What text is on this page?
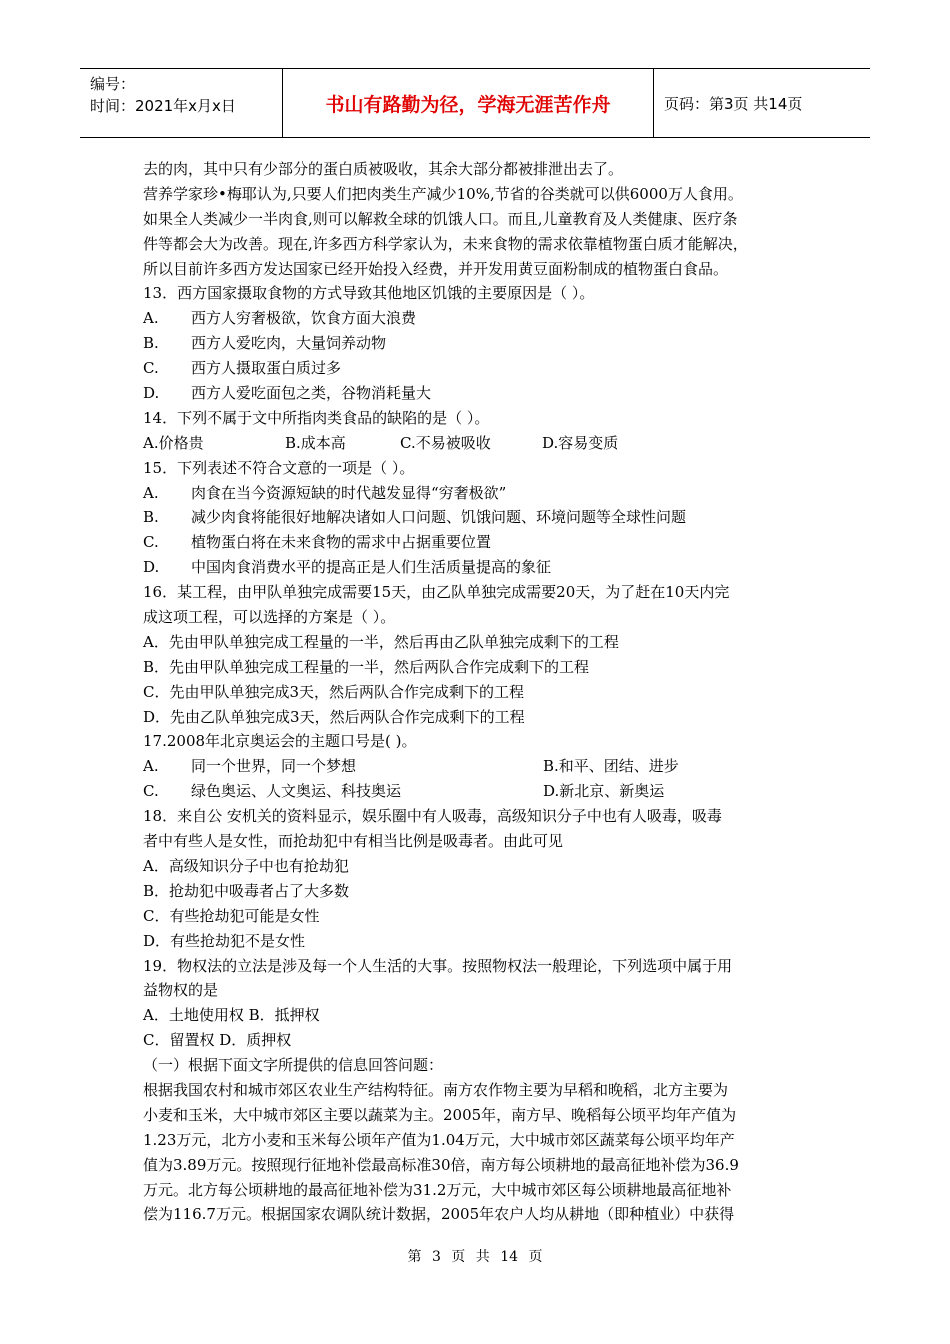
编号：
时间：2021年x月x日	书山有路勤为径，学海无涯苦作舟	页码：第3页 共14页
去的肉，其中只有少部分的蛋白质被吸收，其余大部分都被排泄出去了。
营养学家珍•梅耶认为,只要人们把肉类生产减少10%,节省的谷类就可以供6000万人食用。
如果全人类减少一半肉食,则可以解救全球的饥饿人口。而且,儿童教育及人类健康、医疗条
件等都会大为改善。现在,许多西方科学家认为，未来食物的需求依靠植物蛋白质才能解决，
所以目前许多西方发达国家已经开始投入经费，并开发用黄豆面粉制成的植物蛋白食品。
13．西方国家摄取食物的方式导致其他地区饥饿的主要原因是（ ）。
A.	西方人穷奢极欲，饮食方面大浪费
B.	西方人爱吃肉，大量饲养动物
C.	西方人摄取蛋白质过多
D.	西方人爱吃面包之类，谷物消耗量大
14．下列不属于文中所指肉类食品的缺陷的是（ ）。
A.价格贵	B.成本高	C.不易被吸收	D.容易变质
15．下列表述不符合文意的一项是（ ）。
A.	肉食在当今资源短缺的时代越发显得“穷奢极欲”
B.	减少肉食将能很好地解决诸如人口问题、饥饿问题、环境问题等全球性问题
C.	植物蛋白将在未来食物的需求中占据重要位置
D.	中国肉食消费水平的提高正是人们生活质量提高的象征
16．某工程，由甲队单独完成需要15天，由乙队单独完成需要20天，为了赶在10天内完
成这项工程，可以选择的方案是（ ）。
A．先由甲队单独完成工程量的一半，然后再由乙队单独完成剩下的工程
B．先由甲队单独完成工程量的一半，然后两队合作完成剩下的工程
C．先由甲队单独完成3天，然后两队合作完成剩下的工程
D．先由乙队单独完成3天，然后两队合作完成剩下的工程
17.2008年北京奥运会的主题口号是( )。
A.	同一个世界，同一个梦想	B.和平、团结、进步
C.	绿色奥运、人文奥运、科技奥运	D.新北京、新奥运
18．来自公 安机关的资料显示，娱乐圈中有人吸毒，高级知识分子中也有人吸毒，吸毒
者中有些人是女性，而抢劫犯中有相当比例是吸毒者。由此可见
A．高级知识分子中也有抢劫犯
B．抢劫犯中吸毒者占了大多数
C．有些抢劫犯可能是女性
D．有些抢劫犯不是女性
19．物权法的立法是涉及每一个人生活的大事。按照物权法一般理论，下列选项中属于用
益物权的是
A．土地使用权 B．抵押权
C．留置权 D．质押权
（一）根据下面文字所提供的信息回答问题：
根据我国农村和城市郊区农业生产结构特征。南方农作物主要为早稻和晚稻，北方主要为
小麦和玉米，大中城市郊区主要以蔬菜为主。2005年，南方早、晚稻每公顷平均年产值为
1.23万元，北方小麦和玉米每公顷年产值为1.04万元，大中城市郊区蔬菜每公顷平均年产
值为3.89万元。按照现行征地补偿最高标准30倍，南方每公顷耕地的最高征地补偿为36.9
万元。北方每公顷耕地的最高征地补偿为31.2万元，大中城市郊区每公顷耕地最高征地补
偿为116.7万元。根据国家农调队统计数据，2005年农户人均从耕地（即种植业）中获得
第 3 页 共 14 页
